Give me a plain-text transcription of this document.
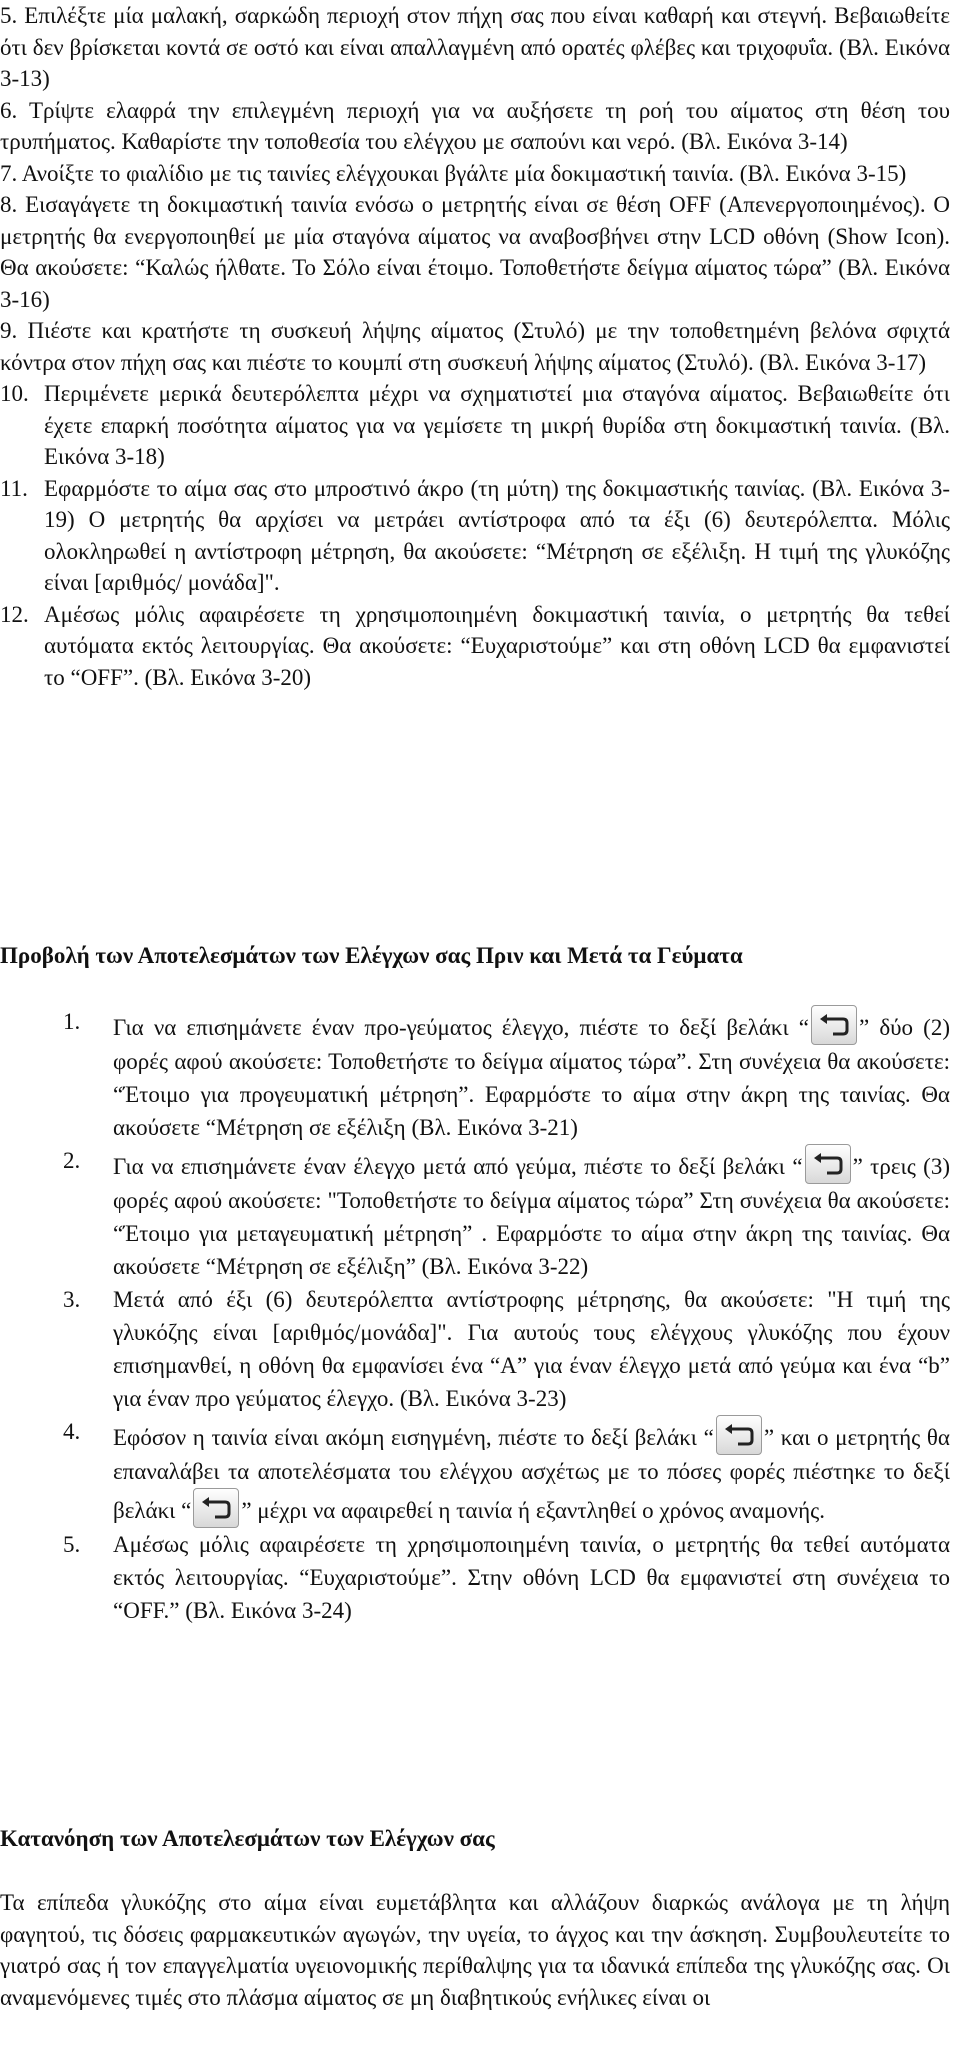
5. Επιλέξτε μία μαλακή, σαρκώδη περιοχή στον πήχη σας που είναι καθαρή και στεγνή. Βεβαιωθείτε ότι δεν βρίσκεται κοντά σε οστό και είναι απαλλαγμένη από ορατές φλέβες και τριχοφυΐα. (Βλ. Εικόνα 3-13)

6. Τρίψτε ελαφρά την επιλεγμένη περιοχή για να αυξήσετε τη ροή του αίματος στη θέση του τρυπήματος. Καθαρίστε την τοποθεσία του ελέγχου με σαπούνι και νερό. (Βλ. Εικόνα 3-14)

7. Ανοίξτε το φιαλίδιο με τις ταινίες ελέγχουκαι βγάλτε μία δοκιμαστική ταινία. (Βλ. Εικόνα 3-15)

8. Εισαγάγετε τη δοκιμαστική ταινία ενόσω ο μετρητής είναι σε θέση OFF (Απενεργοποιημένος). Ο μετρητής θα ενεργοποιηθεί με μία σταγόνα αίματος να αναβοσβήνει στην LCD οθόνη (Show Icon). Θα ακούσετε: “Καλώς ήλθατε. Το Σόλο είναι έτοιμο. Τοποθετήστε δείγμα αίματος τώρα” (Βλ. Εικόνα 3-16)

9. Πιέστε και κρατήστε τη συσκευή λήψης αίματος (Στυλό) με την τοποθετημένη βελόνα σφιχτά κόντρα στον πήχη σας και πιέστε το κουμπί στη συσκευή λήψης αίματος (Στυλό). (Βλ. Εικόνα 3-17)

10. Περιμένετε μερικά δευτερόλεπτα μέχρι να σχηματιστεί μια σταγόνα αίματος. Βεβαιωθείτε ότι έχετε επαρκή ποσότητα αίματος για να γεμίσετε τη μικρή θυρίδα στη δοκιμαστική ταινία. (Βλ. Εικόνα 3-18)

11. Εφαρμόστε το αίμα σας στο μπροστινό άκρο (τη μύτη) της δοκιμαστικής ταινίας. (Βλ. Εικόνα 3-19) Ο μετρητής θα αρχίσει να μετράει αντίστροφα από τα έξι (6) δευτερόλεπτα. Μόλις ολοκληρωθεί η αντίστροφη μέτρηση, θα ακούσετε: “Μέτρηση σε εξέλιξη. Η τιμή της γλυκόζης είναι [αριθμός/ μονάδα]".

12. Αμέσως μόλις αφαιρέσετε τη χρησιμοποιημένη δοκιμαστική ταινία, ο μετρητής θα τεθεί αυτόματα εκτός λειτουργίας. Θα ακούσετε: “Ευχαριστούμε” και στη οθόνη LCD θα εμφανιστεί το “OFF”. (Βλ. Εικόνα 3-20)

Προβολή των Αποτελεσμάτων των Ελέγχων σας Πριν και Μετά τα Γεύματα

1. Για να επισημάνετε έναν προ-γεύματος έλεγχο, πιέστε το δεξί βελάκι “ ” δύο (2) φορές αφού ακούσετε: Τοποθετήστε το δείγμα αίματος τώρα”. Στη συνέχεια θα ακούσετε: “Έτοιμο για προγευματική μέτρηση”. Εφαρμόστε το αίμα στην άκρη της ταινίας. Θα ακούσετε “Μέτρηση σε εξέλιξη (Βλ. Εικόνα 3-21)

2. Για να επισημάνετε έναν έλεγχο μετά από γεύμα, πιέστε το δεξί βελάκι “ ” τρεις (3) φορές αφού ακούσετε: "Τοποθετήστε το δείγμα αίματος τώρα” Στη συνέχεια θα ακούσετε: “Έτοιμο για μεταγευματική μέτρηση” . Εφαρμόστε το αίμα στην άκρη της ταινίας. Θα ακούσετε “Μέτρηση σε εξέλιξη” (Βλ. Εικόνα 3-22)

3. Μετά από έξι (6) δευτερόλεπτα αντίστροφης μέτρησης, θα ακούσετε: "Η τιμή της γλυκόζης είναι [αριθμός/μονάδα]". Για αυτούς τους ελέγχους γλυκόζης που έχουν επισημανθεί, η οθόνη θα εμφανίσει ένα “A” για έναν έλεγχο μετά από γεύμα και ένα “b” για έναν προ γεύματος έλεγχο. (Βλ. Εικόνα 3-23)

4. Εφόσον η ταινία είναι ακόμη εισηγμένη, πιέστε το δεξί βελάκι “ ” και ο μετρητής θα επαναλάβει τα αποτελέσματα του ελέγχου ασχέτως με το πόσες φορές πιέστηκε το δεξί βελάκι “ ” μέχρι να αφαιρεθεί η ταινία ή εξαντληθεί ο χρόνος αναμονής.

5. Αμέσως μόλις αφαιρέσετε τη χρησιμοποιημένη ταινία, ο μετρητής θα τεθεί αυτόματα εκτός λειτουργίας. “Ευχαριστούμε”. Στην οθόνη LCD θα εμφανιστεί στη συνέχεια το “OFF.” (Βλ. Εικόνα 3-24)

Κατανόηση των Αποτελεσμάτων των Ελέγχων σας

Τα επίπεδα γλυκόζης στο αίμα είναι ευμετάβλητα και αλλάζουν διαρκώς ανάλογα με τη λήψη φαγητού, τις δόσεις φαρμακευτικών αγωγών, την υγεία, το άγχος και την άσκηση. Συμβουλευτείτε το γιατρό σας ή τον επαγγελματία υγειονομικής περίθαλψης για τα ιδανικά επίπεδα της γλυκόζης σας. Οι αναμενόμενες τιμές στο πλάσμα αίματος σε μη διαβητικούς ενήλικες είναι οι
